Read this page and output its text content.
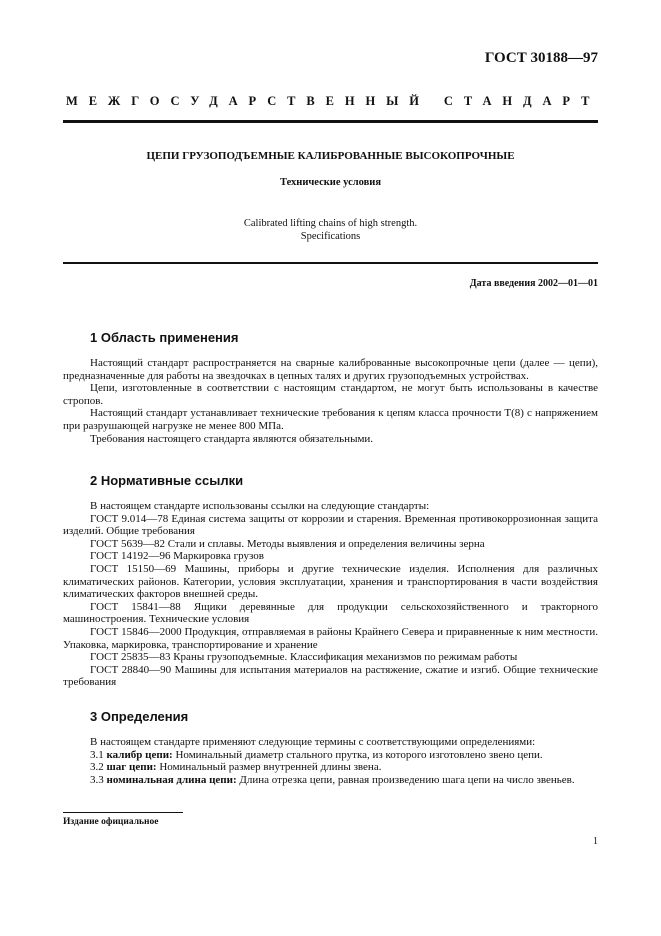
ГОСТ 30188—97
МЕЖГОСУДАРСТВЕННЫЙ СТАНДАРТ
ЦЕПИ ГРУЗОПОДЪЕМНЫЕ КАЛИБРОВАННЫЕ ВЫСОКОПРОЧНЫЕ
Технические условия
Calibrated lifting chains of high strength.
Specifications
Дата введения 2002—01—01
1 Область применения

Настоящий стандарт распространяется на сварные калиброванные высокопрочные цепи (далее — цепи), предназначенные для работы на звездочках в цепных талях и других грузоподъемных устройствах.

Цепи, изготовленные в соответствии с настоящим стандартом, не могут быть использованы в качестве стропов.

Настоящий стандарт устанавливает технические требования к цепям класса прочности Т(8) с напряжением при разрушающей нагрузке не менее 800 МПа.

Требования настоящего стандарта являются обязательными.

2 Нормативные ссылки

В настоящем стандарте использованы ссылки на следующие стандарты:

ГОСТ 9.014—78 Единая система защиты от коррозии и старения. Временная противокоррозионная защита изделий. Общие требования

ГОСТ 5639—82 Стали и сплавы. Методы выявления и определения величины зерна

ГОСТ 14192—96 Маркировка грузов

ГОСТ 15150—69 Машины, приборы и другие технические изделия. Исполнения для различных климатических районов. Категории, условия эксплуатации, хранения и транспортирования в части воздействия климатических факторов внешней среды.

ГОСТ 15841—88 Ящики деревянные для продукции сельскохозяйственного и тракторного машиностроения. Технические условия

ГОСТ 15846—2000 Продукция, отправляемая в районы Крайнего Севера и приравненные к ним местности. Упаковка, маркировка, транспортирование и хранение

ГОСТ 25835—83 Краны грузоподъемные. Классификация механизмов по режимам работы

ГОСТ 28840—90 Машины для испытания материалов на растяжение, сжатие и изгиб. Общие технические требования

3 Определения

В настоящем стандарте применяют следующие термины с соответствующими определениями:

3.1 калибр цепи: Номинальный диаметр стального прутка, из которого изготовлено звено цепи.

3.2 шаг цепи: Номинальный размер внутренней длины звена.

3.3 номинальная длина цепи: Длина отрезка цепи, равная произведению шага цепи на число звеньев.

Издание официальное
1
